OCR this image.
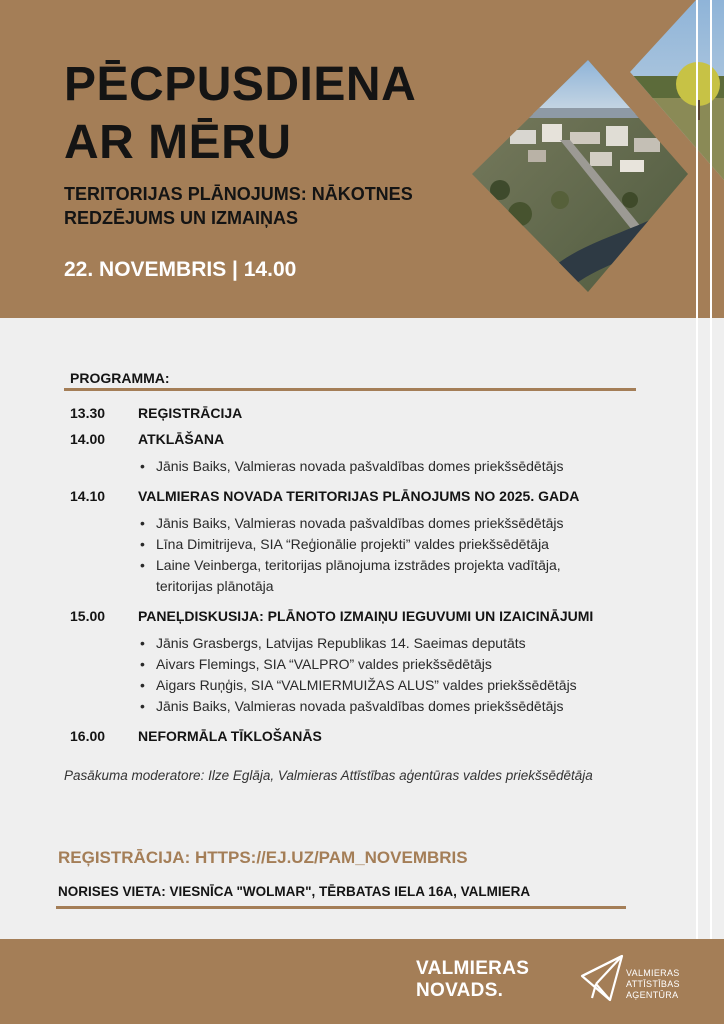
PĒCPUSDIENA
AR MĒRU
TERITORIJAS PLĀNOJUMS: NĀKOTNES
REDZĒJUMS UN IZMAIŅAS
22. NOVEMBRIS | 14.00
PROGRAMMA:
13.30	REĢISTRĀCIJA
14.00	ATKLĀŠANA
• Jānis Baiks, Valmieras novada pašvaldības domes priekšsēdētājs
14.10	VALMIERAS NOVADA TERITORIJAS PLĀNOJUMS NO 2025. GADA
• Jānis Baiks, Valmieras novada pašvaldības domes priekšsēdētājs
• Līna Dimitrijeva, SIA “Reģionālie projekti” valdes priekšsēdētāja
• Laine Veinberga, teritorijas plānojuma izstrādes projekta vadītāja,
teritorijas plānotāja
15.00	PANEĻDISKUSIJA: PLĀNOTO IZMAIŅU IEGUVUMI UN IZAICINĀJUMI
• Jānis Grasbergs, Latvijas Republikas 14. Saeimas deputāts
• Aivars Flemings, SIA “VALPRO” valdes priekšsēdētājs
• Aigars Ruņģis, SIA “VALMIERMUIŽAS ALUS” valdes priekšsēdētājs
• Jānis Baiks, Valmieras novada pašvaldības domes priekšsēdētājs
16.00	NEFORMĀLA TĪKLOŠANĀS
Pasākuma moderatore: Ilze Eglāja, Valmieras Attīstības aģentūras valdes priekšsēdētāja
REĢISTRĀCIJA: HTTPS://EJ.UZ/PAM_NOVEMBRIS
NORISES VIETA: VIESNĪCA "WOLMAR", TĒRBATAS IELA 16A, VALMIERA
VALMIERAS
NOVADS.
VALMIERAS
ATTĪSTĪBAS
AĢENTŪRA
